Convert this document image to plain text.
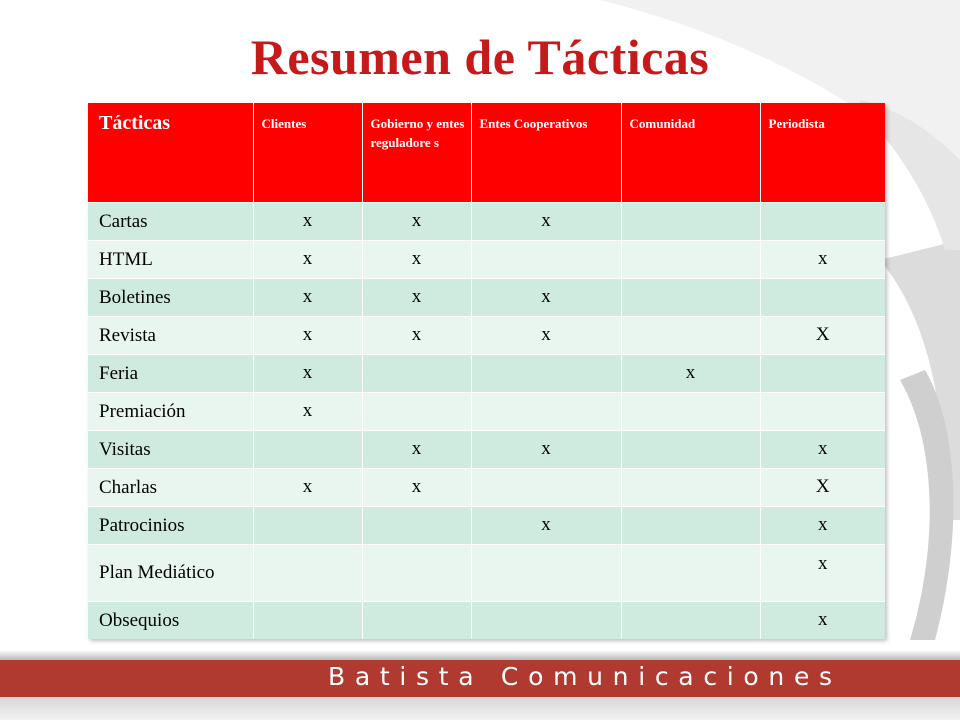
Resumen de Tácticas
Tácticas	Clientes	Gobierno y entes reguladore s	Entes Cooperativos	Comunidad	Periodista
Cartas	x	x	x		
HTML	x	x			x
Boletines	x	x	x		
Revista	x	x	x		X
Feria	x			x	
Premiación	x				
Visitas		x	x		x
Charlas	x	x			X
Patrocinios			x		x
Plan Mediático					x
Obsequios					x
Batista Comunicaciones
